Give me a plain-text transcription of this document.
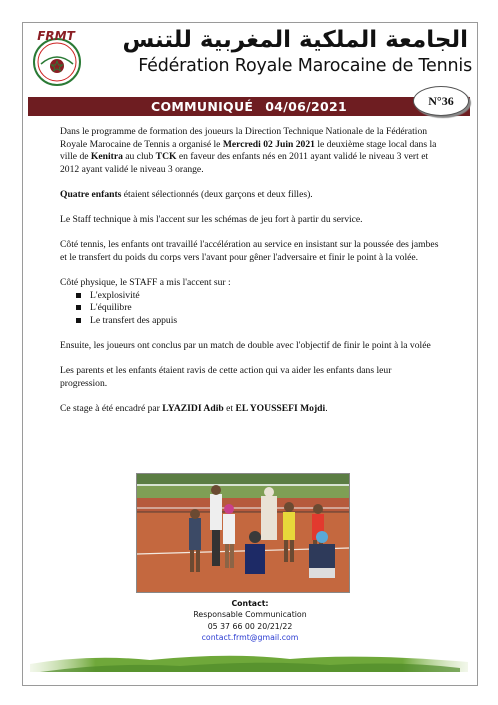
FRMT الجامعة الملكية المغربية للتنس
Fédération Royale Marocaine de Tennis
COMMUNIQUÉ 04/06/2021	N°36

Dans le programme de formation des joueurs la Direction Technique Nationale de la Fédération Royale Marocaine de Tennis a organisé le Mercredi 02 Juin 2021 le deuxième stage local dans la ville de Kenitra au club TCK en faveur des enfants nés en 2011 ayant validé le niveau 3 vert et 2012 ayant validé le niveau 3 orange.

Quatre enfants étaient sélectionnés (deux garçons et deux filles).

Le Staff technique à mis l'accent sur les schémas de jeu fort à partir du service.

Côté tennis, les enfants ont travaillé l'accélération au service en insistant sur la poussée des jambes et le transfert du poids du corps vers l'avant pour gêner l'adversaire et finir le point à la volée.

Côté physique, le STAFF a mis l'accent sur :

L'explosivité
L'équilibre
Le transfert des appuis

Ensuite, les joueurs ont conclus par un match de double avec l'objectif de finir le point à la volée

Les parents et les enfants étaient ravis de cette action qui va aider les enfants dans leur progression.

Ce stage à été encadré par LYAZIDI Adib et EL YOUSSEFI Mojdi.

Contact:
Responsable Communication
05 37 66 00 20/21/22
contact.frmt@gmail.com
